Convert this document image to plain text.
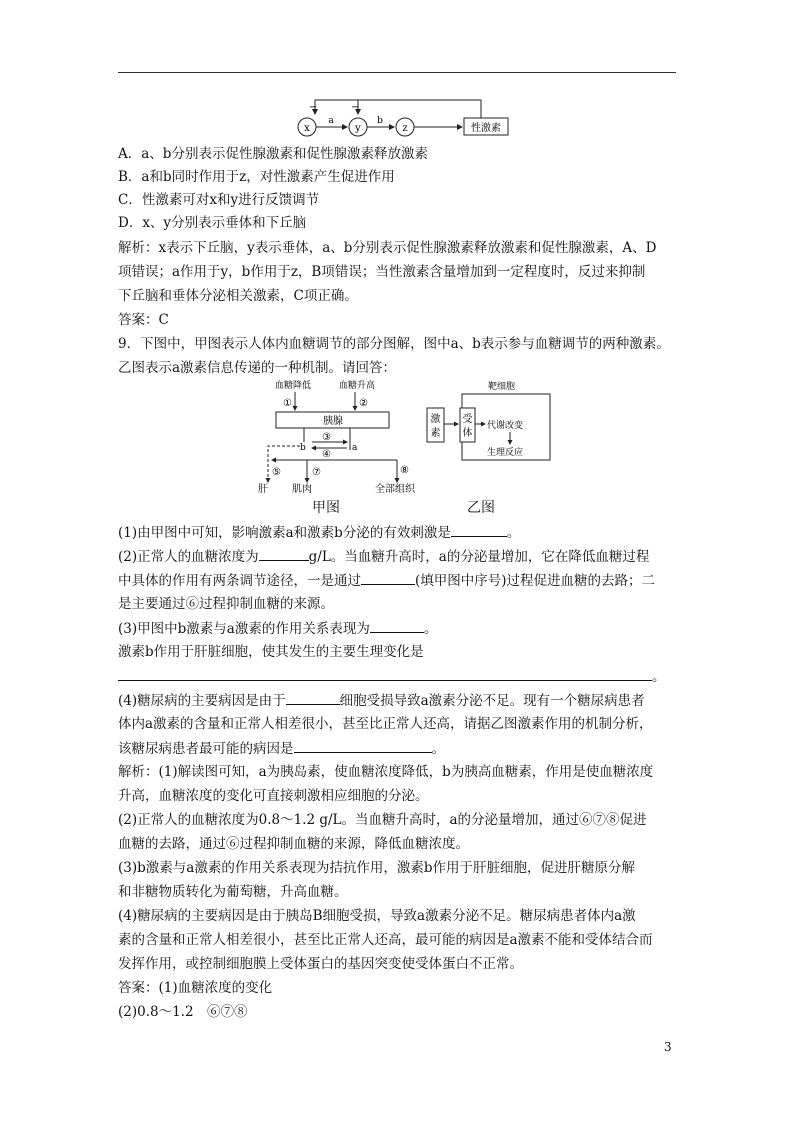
x	y	z
a	b
性激素
−	−
A．a、b分别表示促性腺激素和促性腺激素释放激素
B．a和b同时作用于z，对性激素产生促进作用
C．性激素可对x和y进行反馈调节
D．x、y分别表示垂体和下丘脑
解析：x表示下丘脑，y表示垂体，a、b分别表示促性腺激素释放激素和促性腺激素，A、D
项错误；a作用于y，b作用于z，B项错误；当性激素含量增加到一定程度时，反过来抑制
下丘脑和垂体分泌相关激素，C项正确。
答案：C
9．下图中，甲图表示人体内血糖调节的部分图解，图中a、b表示参与血糖调节的两种激素。
乙图表示a激素信息传递的一种机制。请回答：
血糖降低	血糖升高
①	②
胰腺
③
④
b	a
⑤	⑦	⑧
肝 肌肉	全部组织
靶细胞
激
素
受
体
代谢改变
生理反应
甲图	乙图
(1)由甲图中可知，影响激素a和激素b分泌的有效刺激是	。
(2)正常人的血糖浓度为	g/L。当血糖升高时，a的分泌量增加，它在降低血糖过程
中具体的作用有两条调节途径，一是通过	(填甲图中序号)过程促进血糖的去路；二
是主要通过⑥过程抑制血糖的来源。
(3)甲图中b激素与a激素的作用关系表现为	。
激素b作用于肝脏细胞，使其发生的主要生理变化是
。
(4)糖尿病的主要病因是由于	细胞受损导致a激素分泌不足。现有一个糖尿病患者
体内a激素的含量和正常人相差很小，甚至比正常人还高，请据乙图激素作用的机制分析，
该糖尿病患者最可能的病因是	。
解析：(1)解读图可知，a为胰岛素，使血糖浓度降低，b为胰高血糖素，作用是使血糖浓度
升高，血糖浓度的变化可直接刺激相应细胞的分泌。
(2)正常人的血糖浓度为0.8～1.2 g/L。当血糖升高时，a的分泌量增加，通过⑥⑦⑧促进
血糖的去路，通过⑥过程抑制血糖的来源，降低血糖浓度。
(3)b激素与a激素的作用关系表现为拮抗作用，激素b作用于肝脏细胞，促进肝糖原分解
和非糖物质转化为葡萄糖，升高血糖。
(4)糖尿病的主要病因是由于胰岛B细胞受损，导致a激素分泌不足。糖尿病患者体内a激
素的含量和正常人相差很小，甚至比正常人还高，最可能的病因是a激素不能和受体结合而
发挥作用，或控制细胞膜上受体蛋白的基因突变使受体蛋白不正常。
答案：(1)血糖浓度的变化
(2)0.8～1.2　⑥⑦⑧
3
